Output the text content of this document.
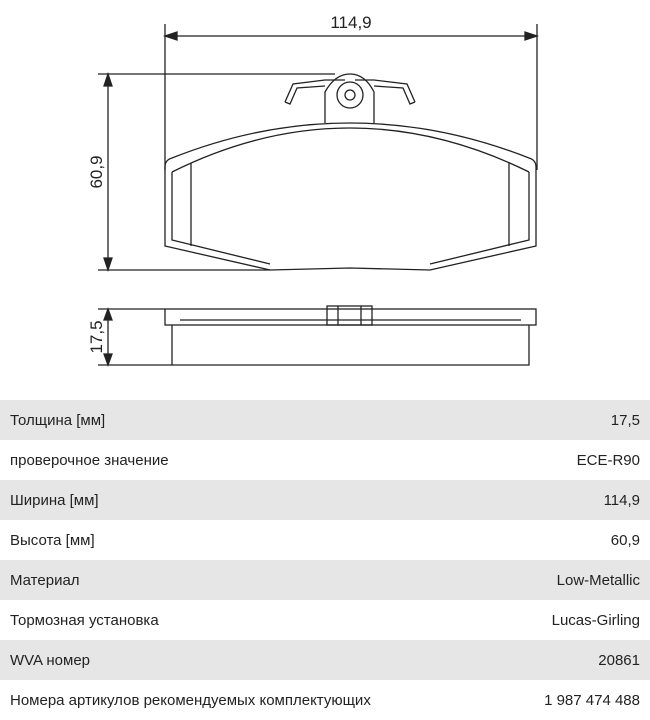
114,9
60,9
17,5
Толщина [мм]	17,5
проверочное значение	ECE-R90
Ширина [мм]	114,9
Высота [мм]	60,9
Материал	Low-Metallic
Тормозная установка	Lucas-Girling
WVA номер	20861
Номера артикулов рекомендуемых комплектующих	1 987 474 488
